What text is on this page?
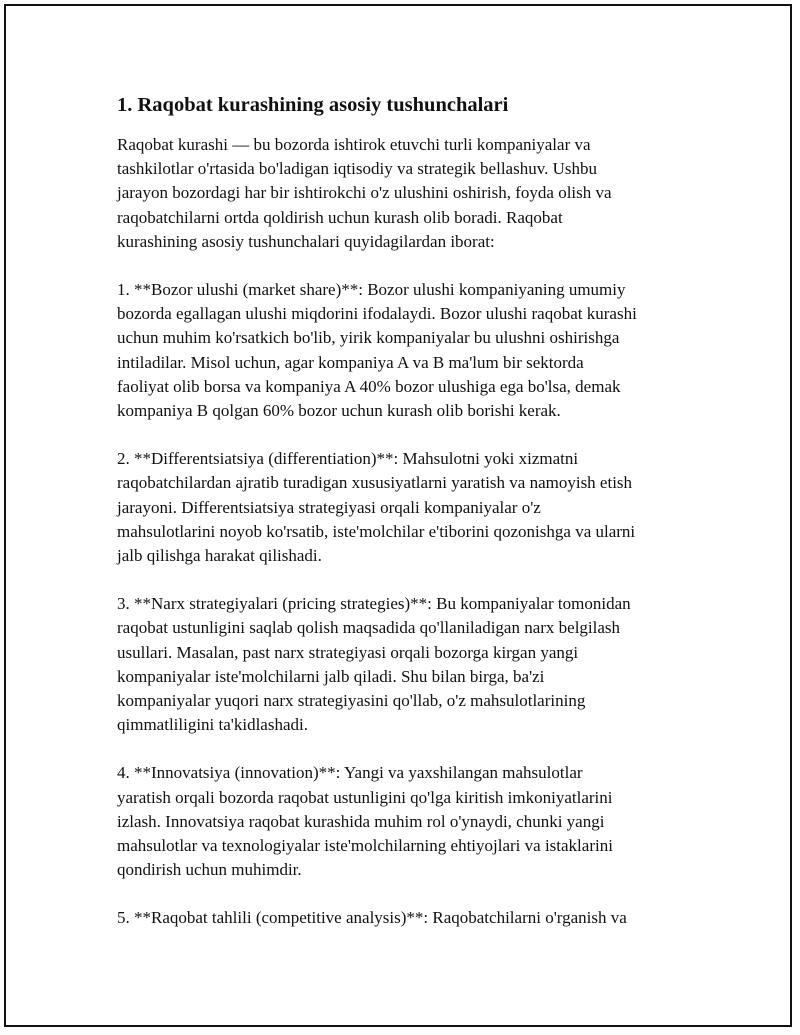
1. Raqobat kurashining asosiy tushunchalari

Raqobat kurashi — bu bozorda ishtirok etuvchi turli kompaniyalar va
tashkilotlar o'rtasida bo'ladigan iqtisodiy va strategik bellashuv. Ushbu
jarayon bozordagi har bir ishtirokchi o'z ulushini oshirish, foyda olish va
raqobatchilarni ortda qoldirish uchun kurash olib boradi. Raqobat
kurashining asosiy tushunchalari quyidagilardan iborat:

1. **Bozor ulushi (market share)**: Bozor ulushi kompaniyaning umumiy
bozorda egallagan ulushi miqdorini ifodalaydi. Bozor ulushi raqobat kurashi
uchun muhim ko'rsatkich bo'lib, yirik kompaniyalar bu ulushni oshirishga
intiladilar. Misol uchun, agar kompaniya A va B ma'lum bir sektorda
faoliyat olib borsa va kompaniya A 40% bozor ulushiga ega bo'lsa, demak
kompaniya B qolgan 60% bozor uchun kurash olib borishi kerak.

2. **Differentsiatsiya (differentiation)**: Mahsulotni yoki xizmatni
raqobatchilardan ajratib turadigan xususiyatlarni yaratish va namoyish etish
jarayoni. Differentsiatsiya strategiyasi orqali kompaniyalar o'z
mahsulotlarini noyob ko'rsatib, iste'molchilar e'tiborini qozonishga va ularni
jalb qilishga harakat qilishadi.

3. **Narx strategiyalari (pricing strategies)**: Bu kompaniyalar tomonidan
raqobat ustunligini saqlab qolish maqsadida qo'llaniladigan narx belgilash
usullari. Masalan, past narx strategiyasi orqali bozorga kirgan yangi
kompaniyalar iste'molchilarni jalb qiladi. Shu bilan birga, ba'zi
kompaniyalar yuqori narx strategiyasini qo'llab, o'z mahsulotlarining
qimmatliligini ta'kidlashadi.

4. **Innovatsiya (innovation)**: Yangi va yaxshilangan mahsulotlar
yaratish orqali bozorda raqobat ustunligini qo'lga kiritish imkoniyatlarini
izlash. Innovatsiya raqobat kurashida muhim rol o'ynaydi, chunki yangi
mahsulotlar va texnologiyalar iste'molchilarning ehtiyojlari va istaklarini
qondirish uchun muhimdir.

5. **Raqobat tahlili (competitive analysis)**: Raqobatchilarni o'rganish va
